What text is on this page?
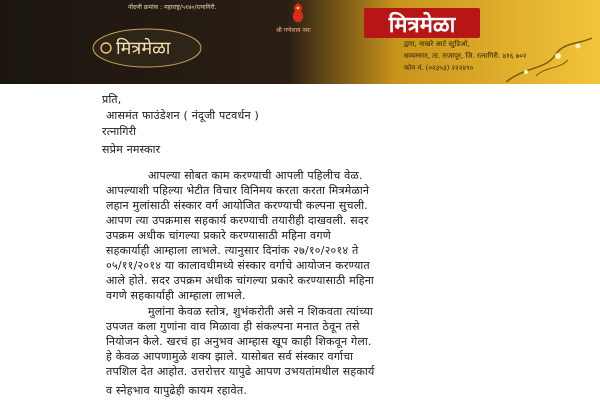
नोंदणी क्रमांक : महाराष्ट्र/५१४०/रत्नागिरी.
श्री गणेशाय नमः
मित्रमेळा
मित्रमेळा
द्वारा, नाखरे आर्ट स्टुडिओ,
सम्यग्नगर, ता. राजापूर, जि. रत्नागिरी. ४१६ ७०२
फोन नं. (०२३५३) २२२४९०
प्रति,
आसमंत फाउंडेशन ( नंदूजी पटवर्धन )
रत्नागिरी
सप्रेम नमस्कार
आपल्या सोबत काम करण्याची आपली पहिलीच वेळ.
आपल्याशी पहिल्या भेटीत विचार विनिमय करता करता मित्रमेळाने
लहान मुलांसाठी संस्कार वर्ग आयोजित करण्याची कल्पना सुचली.
आपण त्या उपक्रमास सहकार्य करण्याची तयारीही दाखवली. सदर
उपक्रम अधीक चांगल्या प्रकारे करण्यासाठी महिना वगणे
सहकार्याही आम्हाला लाभले. त्यानुसार दिनांक २७/१०/२०१४ ते
०५/११/२०१४ या कालावधीमध्ये संस्कार वर्गाचे आयोजन करण्यात
आले होते. सदर उपक्रम अधीक चांगल्या प्रकारे करण्यासाठी महिना
वगणे सहकार्याही आम्हाला लाभले.
मुलांना केवळ स्तोत्र, शुभंकरोती असे न शिकवता त्यांच्या
उपजत कला गुणांना वाव मिळावा ही संकल्पना मनात ठेवून तसे
नियोजन केले. खरचं हा अनुभव आम्हास खूप काही शिकवून गेला.
हे केवळ आपणामुळे शक्य झाले. यासोबत सर्व संस्कार वर्गाचा
तपशिल देत आहोत. उत्तरोत्तर यापुढे आपण उभयतांमधील सहकार्य
व स्नेहभाव यापुढेही कायम रहावेत.
